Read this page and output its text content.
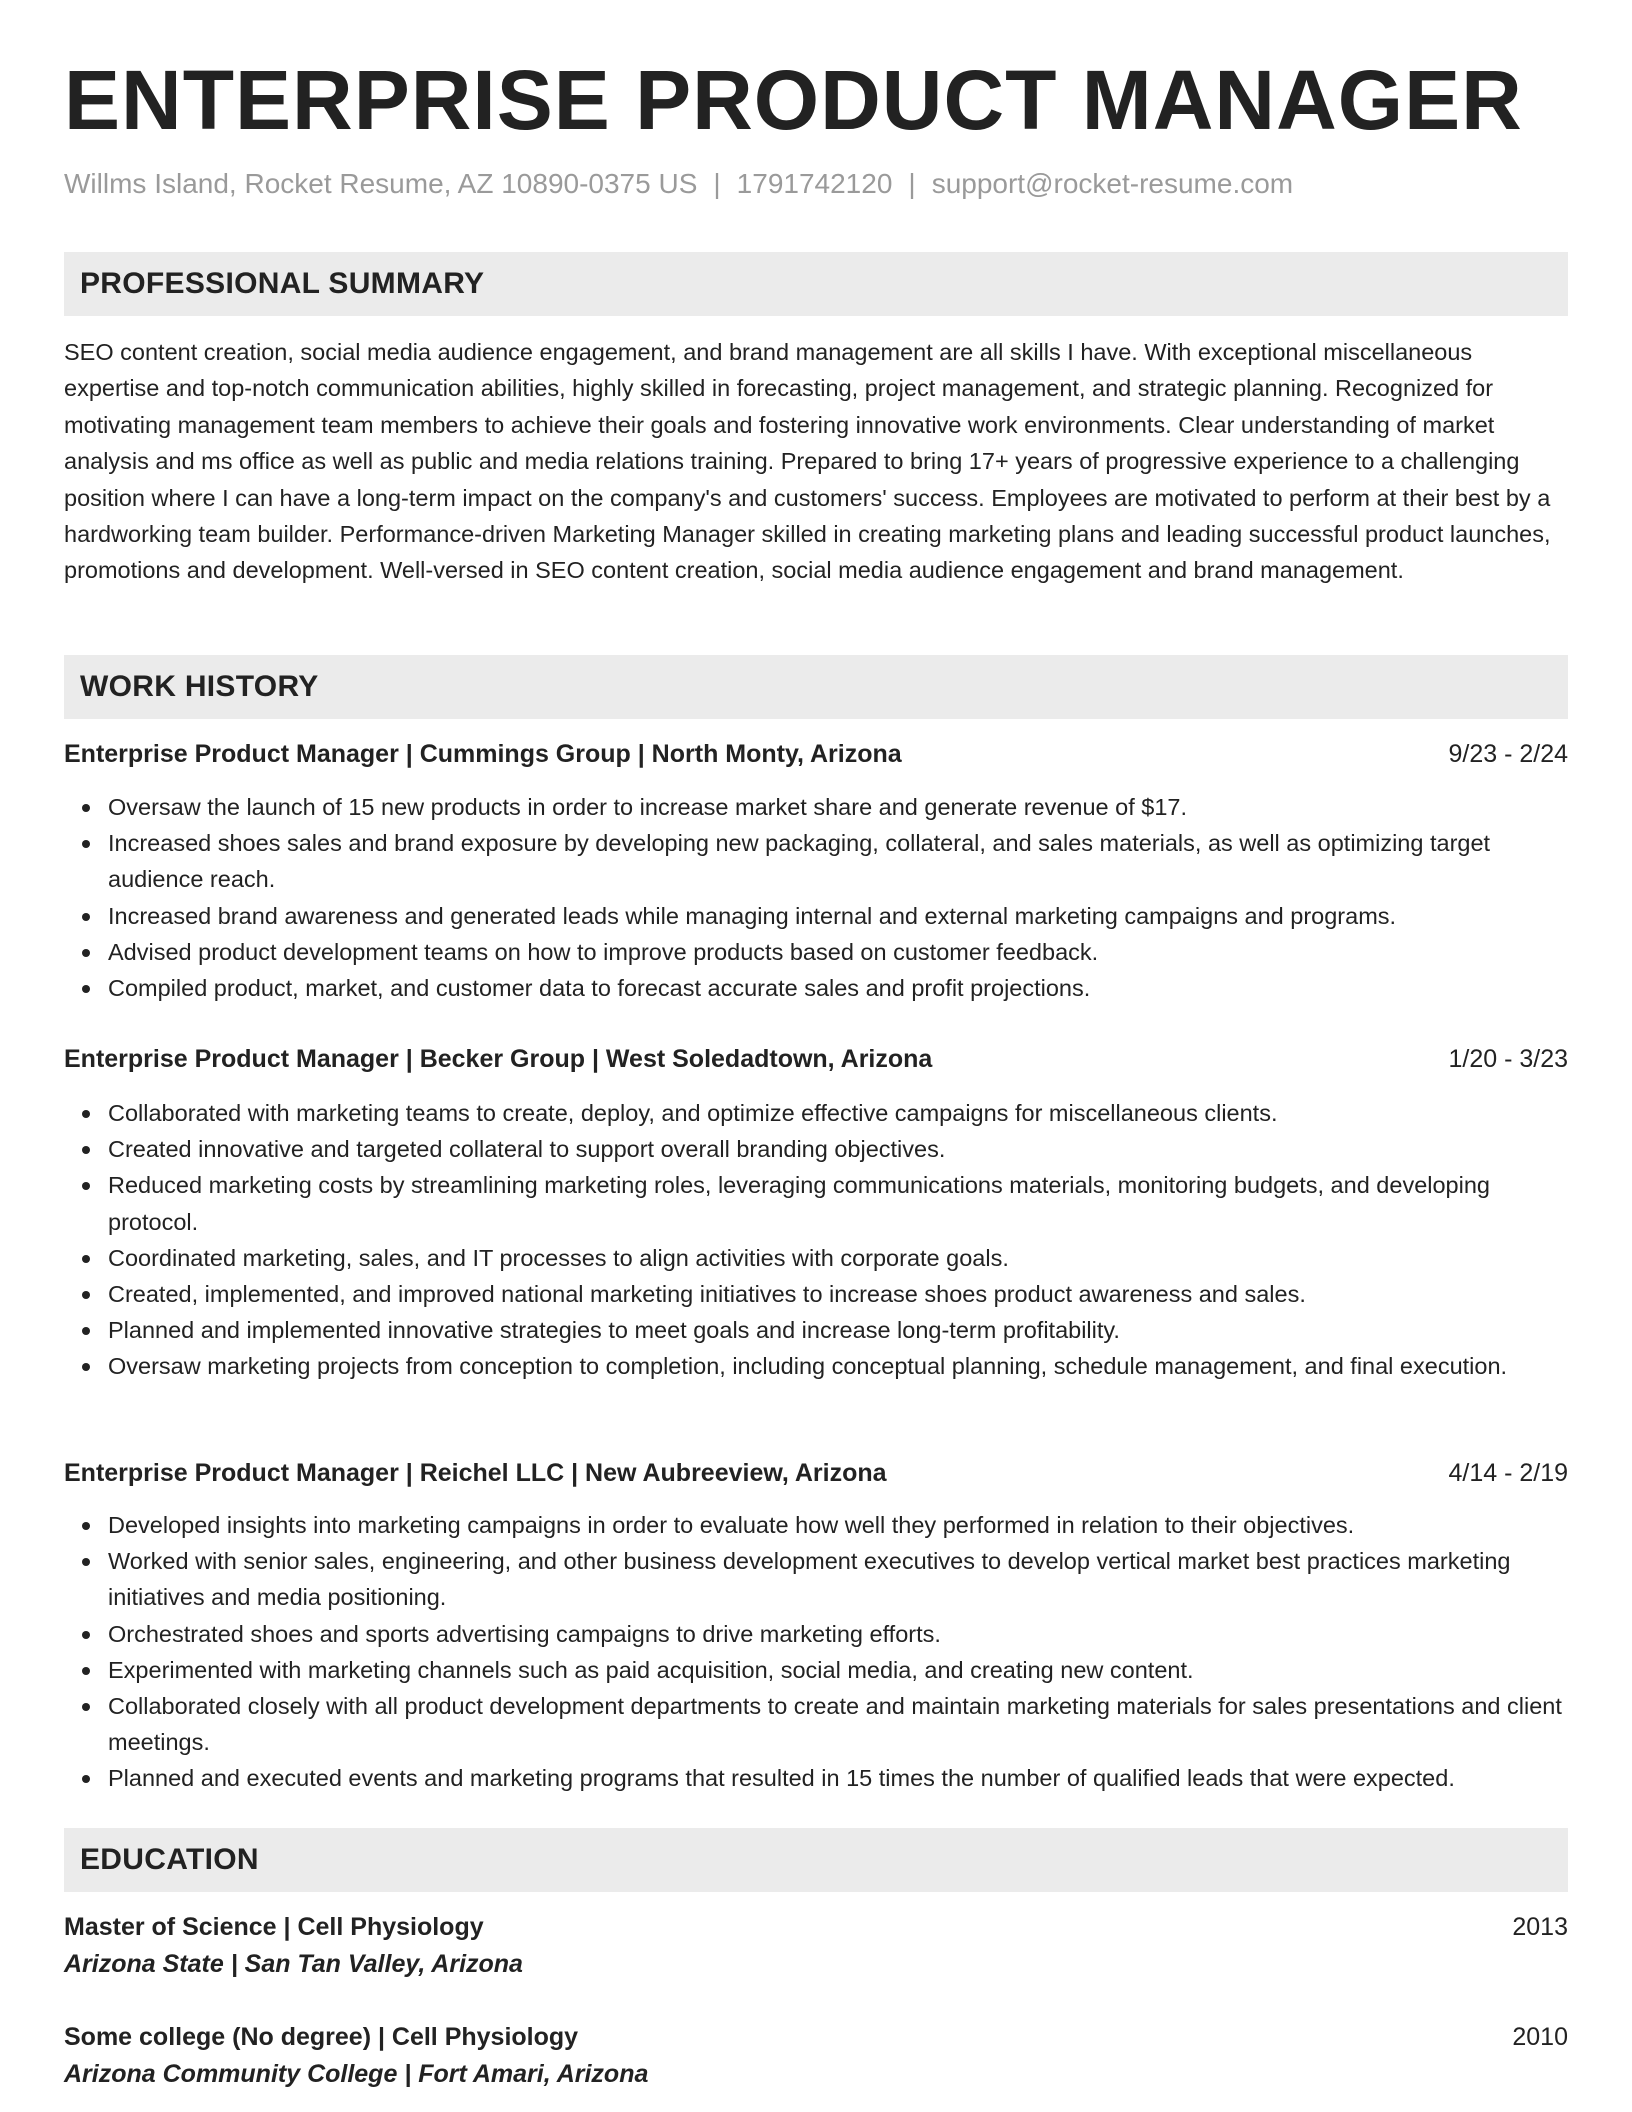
ENTERPRISE PRODUCT MANAGER
Willms Island, Rocket Resume, AZ 10890-0375 US | 1791742120 | support@rocket-resume.com
PROFESSIONAL SUMMARY

SEO content creation, social media audience engagement, and brand management are all skills I have. With exceptional miscellaneous expertise and top-notch communication abilities, highly skilled in forecasting, project management, and strategic planning. Recognized for motivating management team members to achieve their goals and fostering innovative work environments. Clear understanding of market analysis and ms office as well as public and media relations training. Prepared to bring 17+ years of progressive experience to a challenging position where I can have a long-term impact on the company's and customers' success. Employees are motivated to perform at their best by a hardworking team builder. Performance-driven Marketing Manager skilled in creating marketing plans and leading successful product launches, promotions and development. Well-versed in SEO content creation, social media audience engagement and brand management.

WORK HISTORY
Enterprise Product Manager | Cummings Group | North Monty, Arizona	9/23 - 2/24
Oversaw the launch of 15 new products in order to increase market share and generate revenue of $17.
Increased shoes sales and brand exposure by developing new packaging, collateral, and sales materials, as well as optimizing target audience reach.
Increased brand awareness and generated leads while managing internal and external marketing campaigns and programs.
Advised product development teams on how to improve products based on customer feedback.
Compiled product, market, and customer data to forecast accurate sales and profit projections.
Enterprise Product Manager | Becker Group | West Soledadtown, Arizona	1/20 - 3/23
Collaborated with marketing teams to create, deploy, and optimize effective campaigns for miscellaneous clients.
Created innovative and targeted collateral to support overall branding objectives.
Reduced marketing costs by streamlining marketing roles, leveraging communications materials, monitoring budgets, and developing protocol.
Coordinated marketing, sales, and IT processes to align activities with corporate goals.
Created, implemented, and improved national marketing initiatives to increase shoes product awareness and sales.
Planned and implemented innovative strategies to meet goals and increase long-term profitability.
Oversaw marketing projects from conception to completion, including conceptual planning, schedule management, and final execution.
Enterprise Product Manager | Reichel LLC | New Aubreeview, Arizona	4/14 - 2/19
Developed insights into marketing campaigns in order to evaluate how well they performed in relation to their objectives.
Worked with senior sales, engineering, and other business development executives to develop vertical market best practices marketing initiatives and media positioning.
Orchestrated shoes and sports advertising campaigns to drive marketing efforts.
Experimented with marketing channels such as paid acquisition, social media, and creating new content.
Collaborated closely with all product development departments to create and maintain marketing materials for sales presentations and client meetings.
Planned and executed events and marketing programs that resulted in 15 times the number of qualified leads that were expected.
EDUCATION
Master of Science | Cell Physiology	2013
Arizona State | San Tan Valley, Arizona
Some college (No degree) | Cell Physiology	2010
Arizona Community College | Fort Amari, Arizona
